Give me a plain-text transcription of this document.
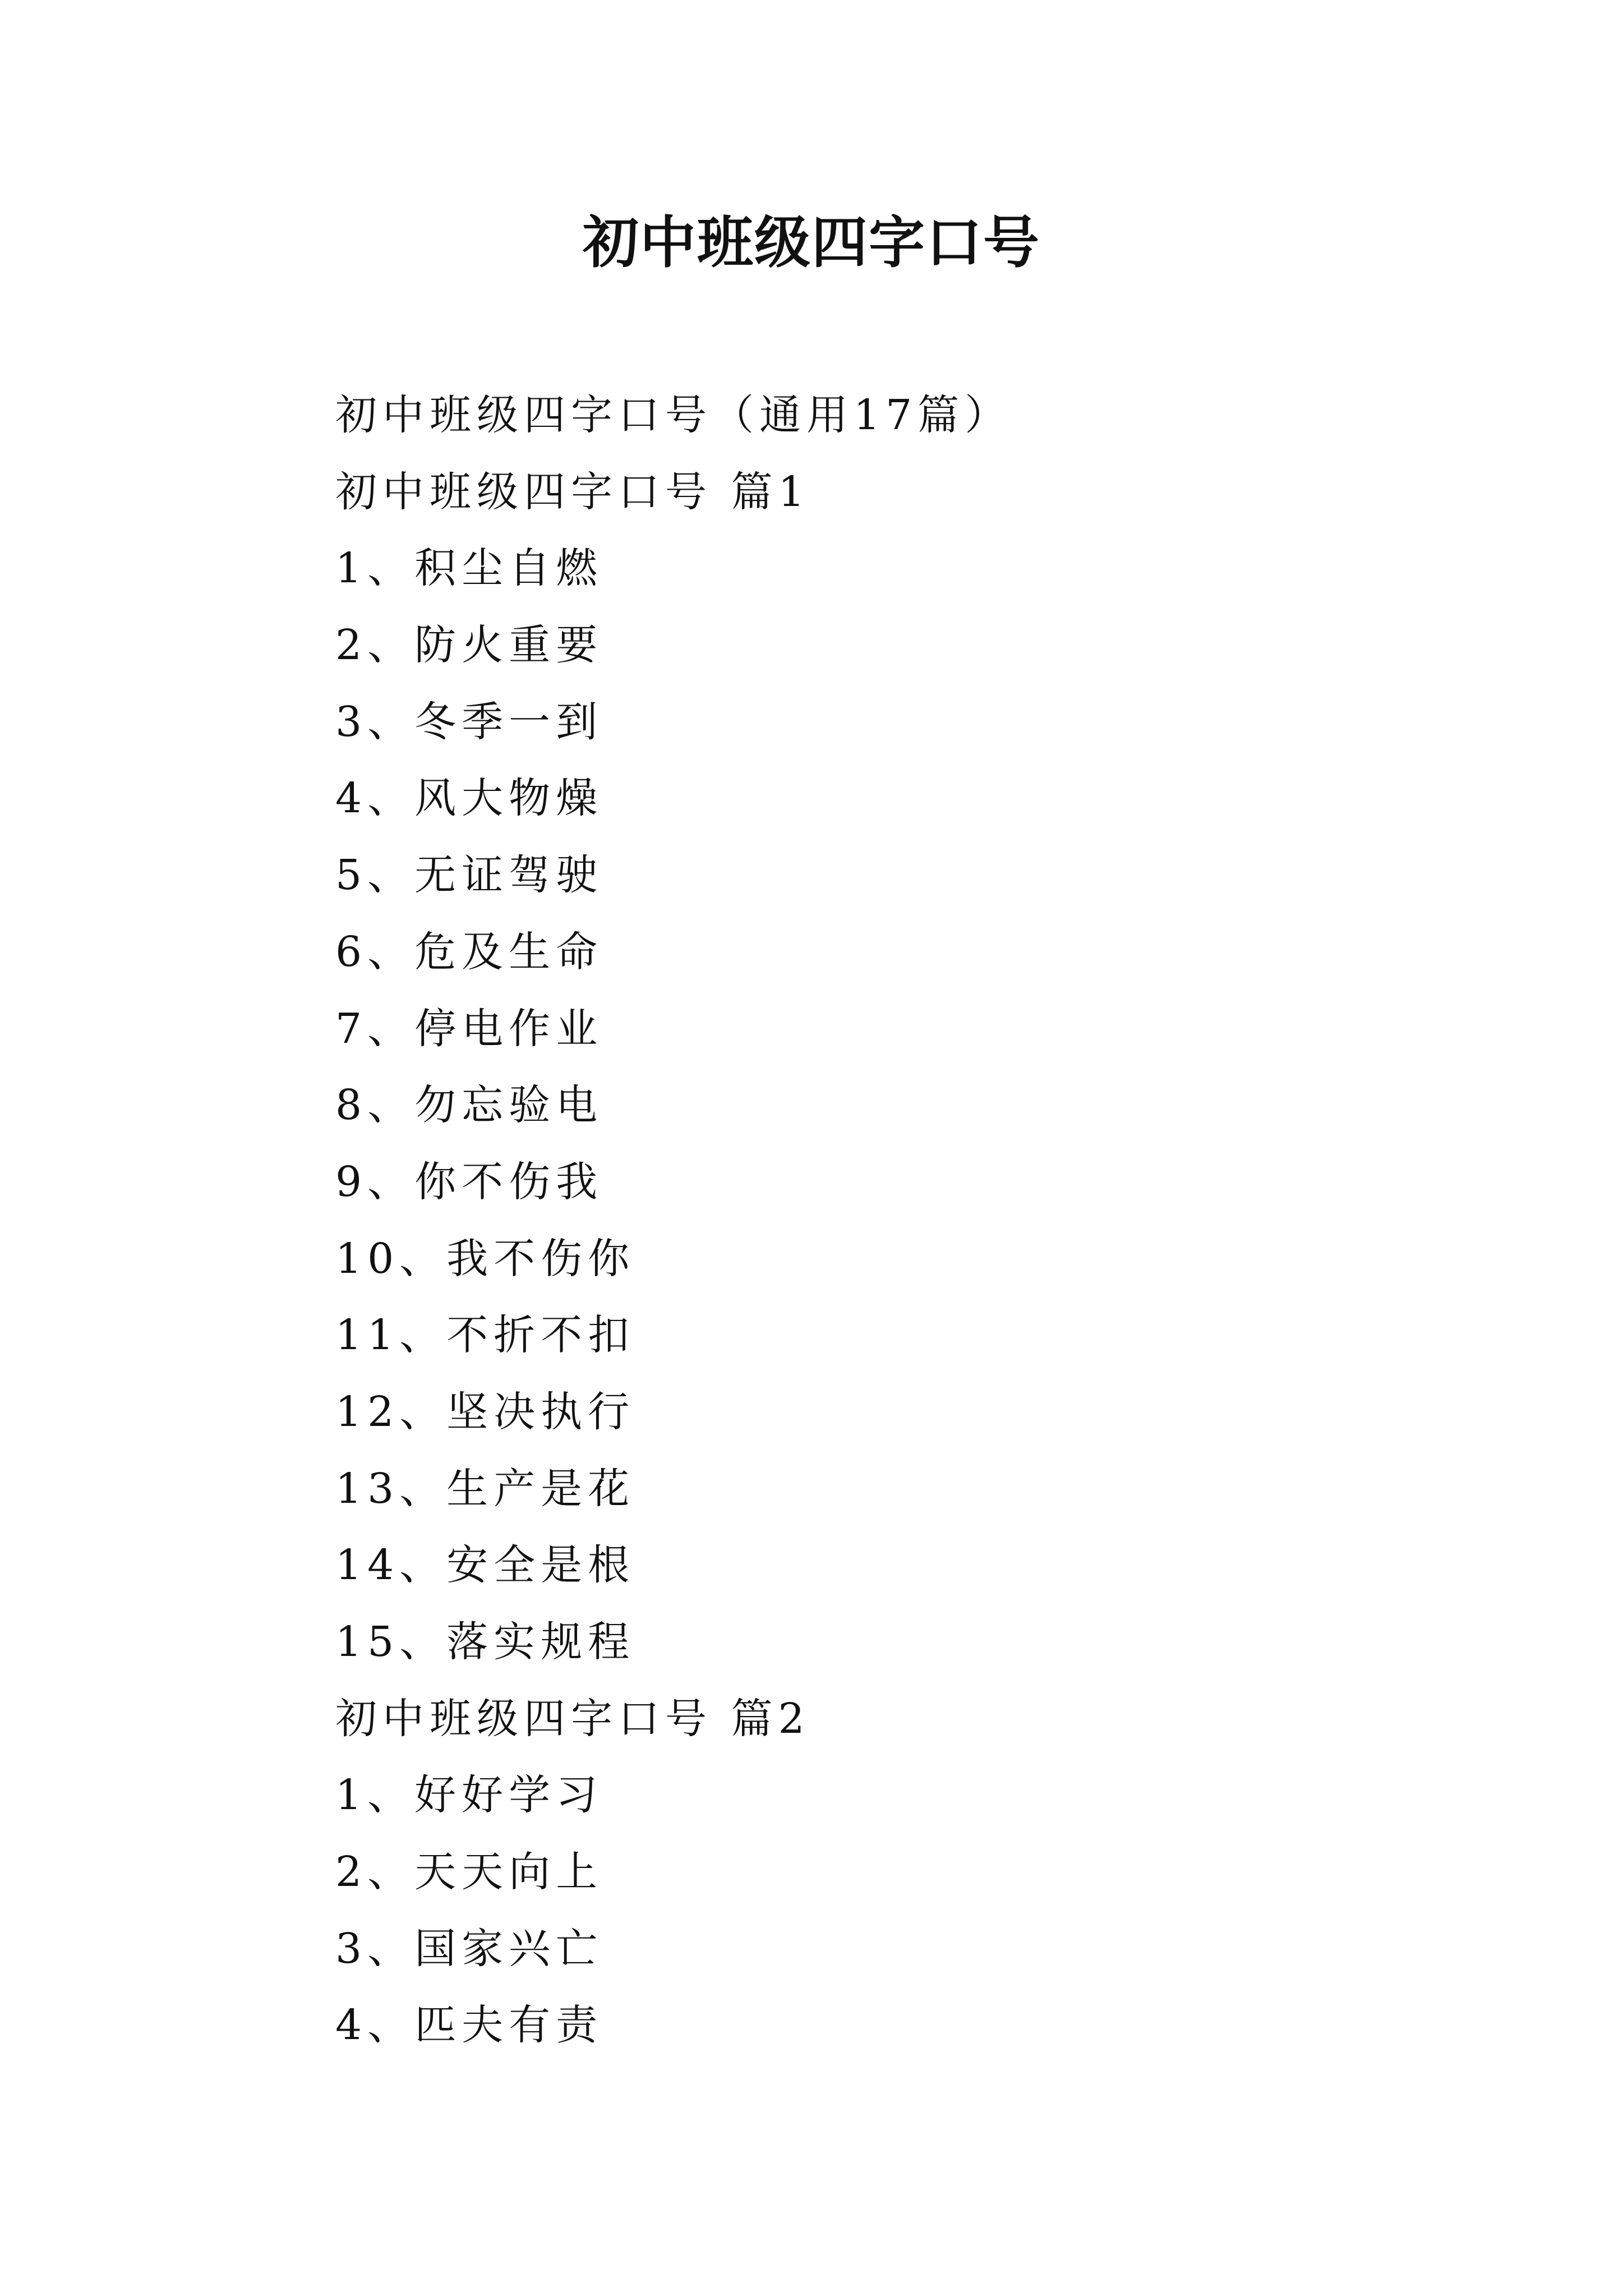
初中班级四字口号
初中班级四字口号（通用17篇）
初中班级四字口号 篇1
1、积尘自燃
2、防火重要
3、冬季一到
4、风大物燥
5、无证驾驶
6、危及生命
7、停电作业
8、勿忘验电
9、你不伤我
10、我不伤你
11、不折不扣
12、坚决执行
13、生产是花
14、安全是根
15、落实规程
初中班级四字口号 篇2
1、好好学习
2、天天向上
3、国家兴亡
4、匹夫有责
